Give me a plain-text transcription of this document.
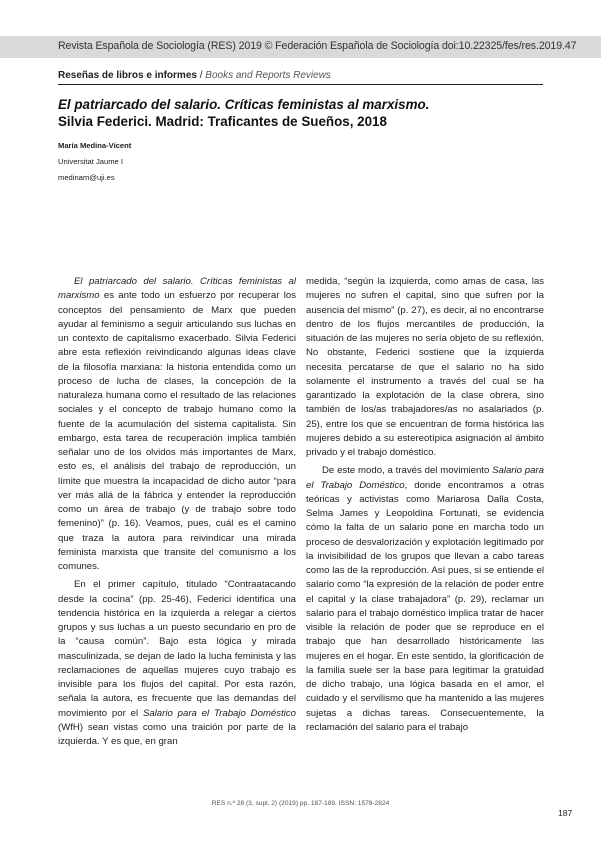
Revista Española de Sociología (RES) 2019 © Federación Española de Sociología doi:10.22325/fes/res.2019.47
Reseñas de libros e informes / Books and Reports Reviews
El patriarcado del salario. Críticas feministas al marxismo.
Silvia Federici. Madrid: Traficantes de Sueños, 2018
María Medina-Vicent
Universitat Jaume I
medinam@uji.es

El patriarcado del salario. Críticas feministas al marxismo es ante todo un esfuerzo por recuperar los conceptos del pensamiento de Marx que pueden ayudar al feminismo a seguir articulando sus luchas en un contexto de capitalismo exacerbado. Silvia Federici abre esta reflexión reivindicando algunas ideas clave de la filosofía marxiana: la historia entendida como un proceso de lucha de clases, la concepción de la naturaleza humana como el resultado de las relaciones sociales y el concepto de trabajo humano como la fuente de la acumulación del sistema capitalista. Sin embargo, esta tarea de recuperación implica también señalar uno de los olvidos más importantes de Marx, esto es, el análisis del trabajo de reproducción, un límite que muestra la incapacidad de dicho autor “para ver más allá de la fábrica y entender la reproducción como un área de trabajo (y de trabajo sobre todo femenino)” (p. 16). Veamos, pues, cuál es el camino que traza la autora para reivindicar una mirada feminista marxista que transite del comunismo a los comunes.

En el primer capítulo, titulado “Contraatacando desde la cocina” (pp. 25-46), Federici identifica una tendencia histórica en la izquierda a relegar a ciertos grupos y sus luchas a un puesto secundario en pro de la “causa común”. Bajo esta lógica y mirada masculinizada, se dejan de lado la lucha feminista y las reclamaciones de aquellas mujeres cuyo trabajo es invisible para los flujos del capital. Por esta razón, señala la autora, es frecuente que las demandas del movimiento por el Salario para el Trabajo Doméstico (WfH) sean vistas como una traición por parte de la izquierda. Y es que, en gran

medida, “según la izquierda, como amas de casa, las mujeres no sufren el capital, sino que sufren por la ausencia del mismo” (p. 27), es decir, al no encontrarse dentro de los flujos mercantiles de producción, la situación de las mujeres no sería objeto de su reflexión. No obstante, Federici sostiene que la izquierda necesita percatarse de que el salario no ha sido solamente el instrumento a través del cual se ha garantizado la explotación de la clase obrera, sino también de los/as trabajadores/as no asalariados (p. 25), entre los que se encuentran de forma histórica las mujeres debido a su estereotípica asignación al ámbito privado y el trabajo doméstico.

De este modo, a través del movimiento Salario para el Trabajo Doméstico, donde encontramos a otras teóricas y activistas como Mariarosa Dalla Costa, Selma James y Leopoldina Fortunati, se evidencia cómo la falta de un salario pone en marcha todo un proceso de desvalorización y explotación legitimado por la invisibilidad de los grupos que llevan a cabo tareas como las de la reproducción. Así pues, si se entiende el salario como “la expresión de la relación de poder entre el capital y la clase trabajadora” (p. 29), reclamar un salario para el trabajo doméstico implica tratar de hacer visible la relación de poder que se reproduce en el trabajo que han desarrollado históricamente las mujeres en el hogar. En este sentido, la glorificación de la familia suele ser la base para legitimar la gratuidad de dicho trabajo, una lógica basada en el amor, el cuidado y el servilismo que ha mantenido a las mujeres sujetas a dichas tareas. Consecuentemente, la reclamación del salario para el trabajo

RES n.º 28 (3, supl. 2) (2019) pp. 187-189. ISSN: 1578-2824
187
